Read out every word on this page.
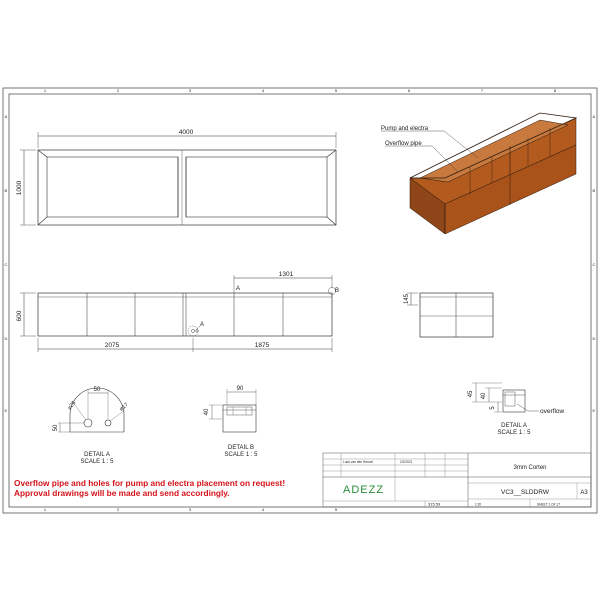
1	2	3	4	5	6	7	8
1	2	3	4	5
A
B
C
D
E
A
B
C
D
E
4000
1000
600
2075	1875
1301
A
A
B
Pump and electra
Overflow pipe
145
50
⌀26	⌀17
50
DETAIL A
SCALE 1 : 5
90
40
DETAIL B
SCALE 1 : 5
45 40
5	overflow
DETAIL A
SCALE 1 : 5
Luuk van den Heuvel	2/2/2021
ADEZZ
3mm Corten
VC3__SLDDRW	A3
315.59	1:20	SHEET 1 OF 17
Overflow pipe and holes for pump and electra placement on request!
Approval drawings will be made and send accordingly.
